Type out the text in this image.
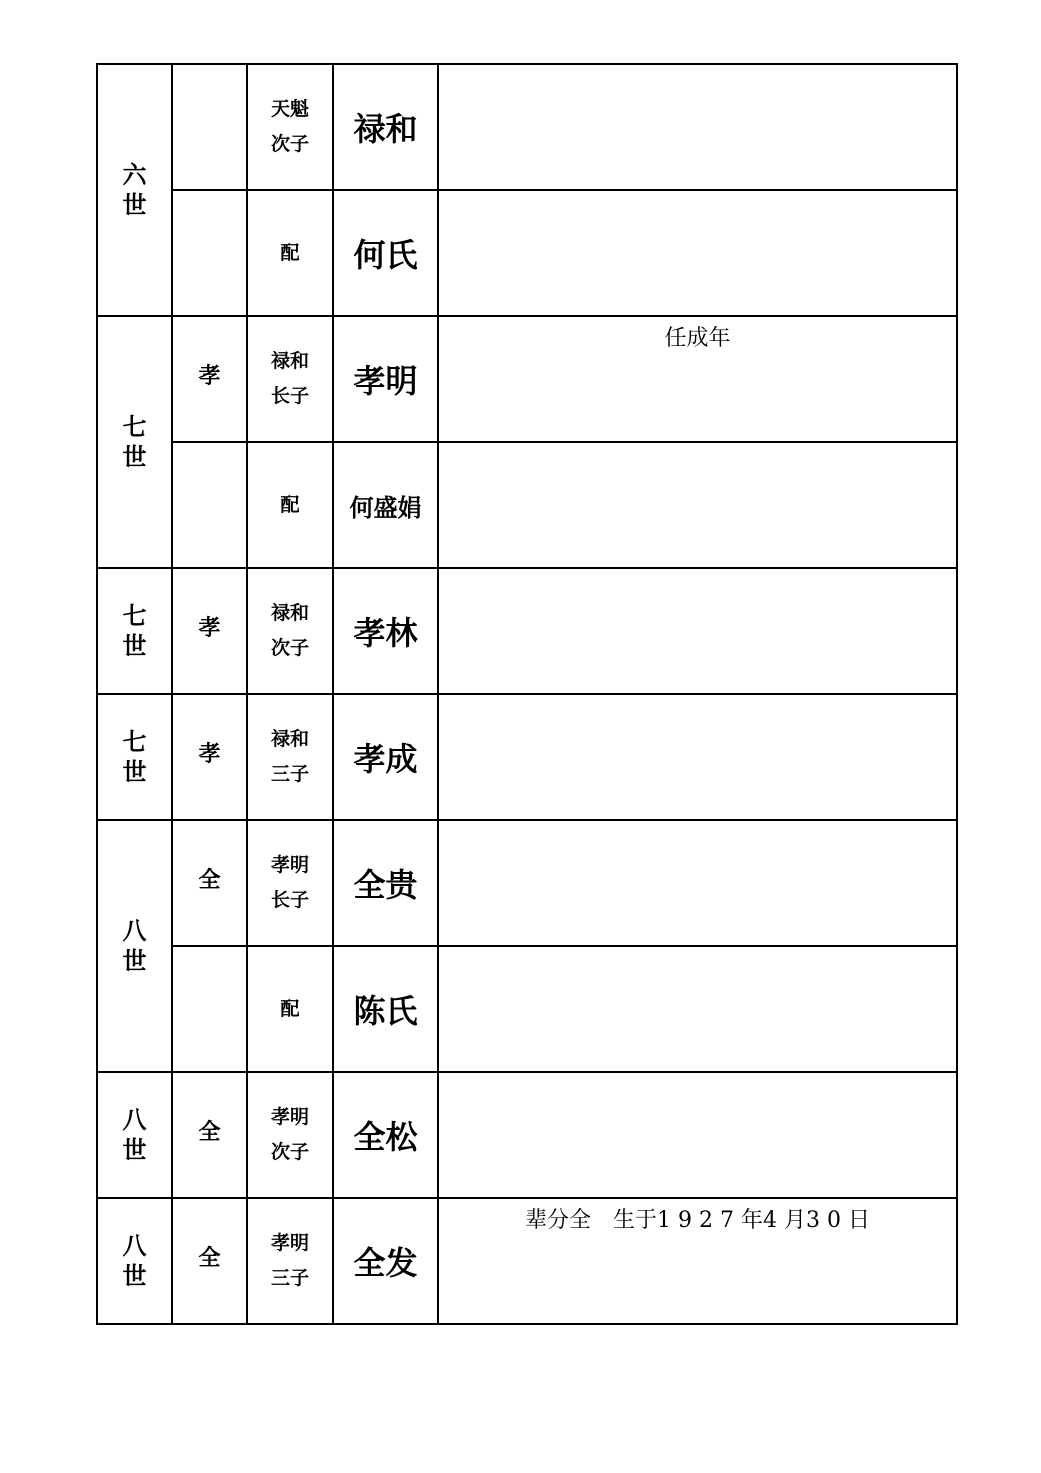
六世		天魁次子	禄和	
		配	何氏	
七世	孝	禄和长子	孝明	任成年
		配	何盛娟	
七世	孝	禄和次子	孝林	
七世	孝	禄和三子	孝成	
八世	全	孝明长子	全贵	
		配	陈氏	
八世	全	孝明次子	全松	
八世	全	孝明三子	全发	辈分全　生于1 9 2 7 年4 月3 0 日
